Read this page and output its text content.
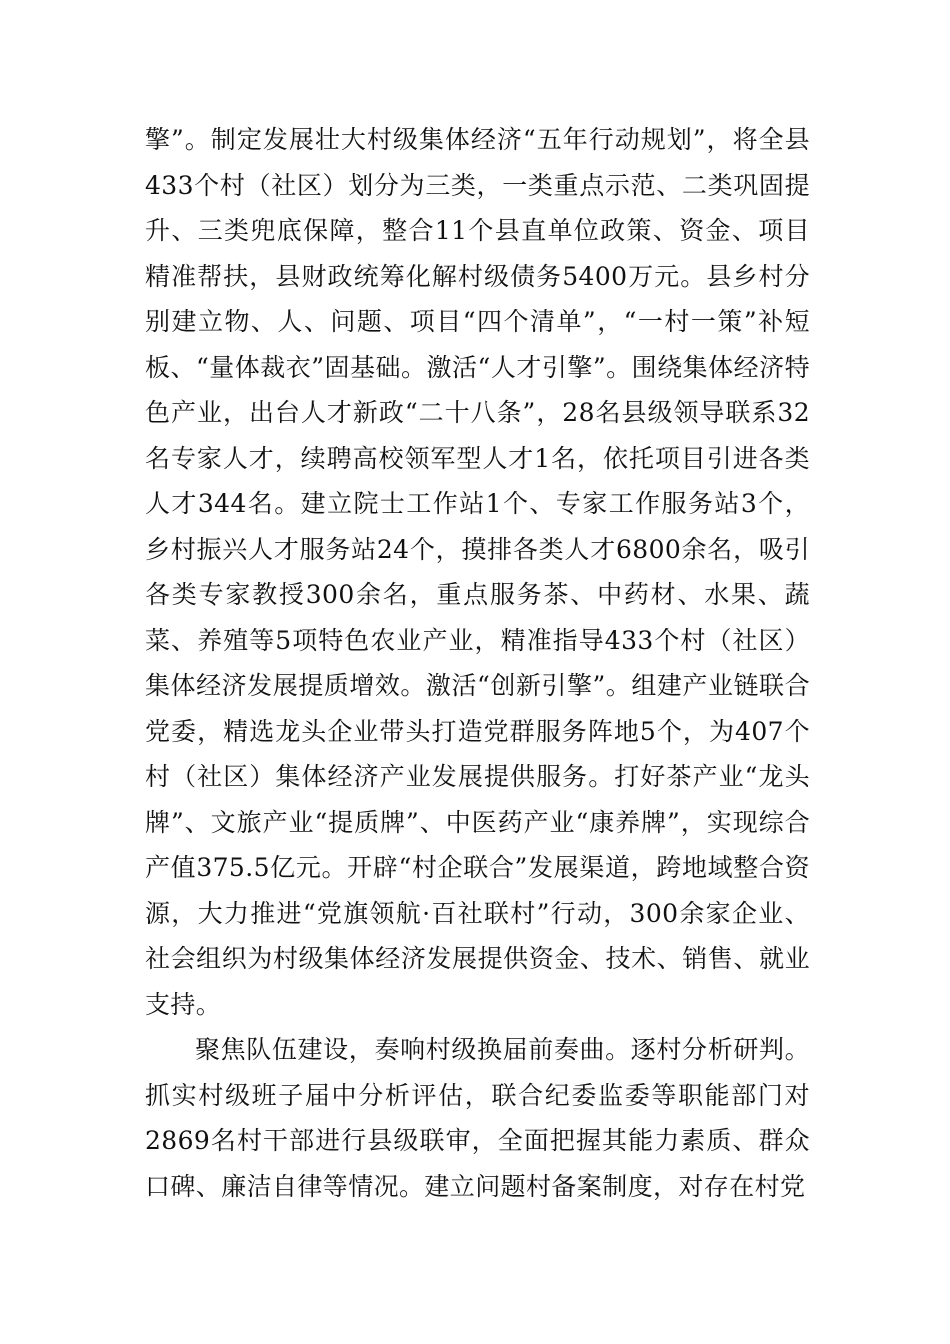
擎”。制定发展壮大村级集体经济“五年行动规划”，将全县433个村（社区）划分为三类，一类重点示范、二类巩固提升、三类兜底保障，整合11个县直单位政策、资金、项目精准帮扶，县财政统筹化解村级债务5400万元。县乡村分别建立物、人、问题、项目“四个清单”，“一村一策”补短板、“量体裁衣”固基础。激活“人才引擎”。围绕集体经济特色产业，出台人才新政“二十八条”，28名县级领导联系32名专家人才，续聘高校领军型人才1名，依托项目引进各类人才344名。建立院士工作站1个、专家工作服务站3个，乡村振兴人才服务站24个，摸排各类人才6800余名，吸引各类专家教授300余名，重点服务茶、中药材、水果、蔬菜、养殖等5项特色农业产业，精准指导433个村（社区）集体经济发展提质增效。激活“创新引擎”。组建产业链联合党委，精选龙头企业带头打造党群服务阵地5个，为407个村（社区）集体经济产业发展提供服务。打好茶产业“龙头牌”、文旅产业“提质牌”、中医药产业“康养牌”，实现综合产值375.5亿元。开辟“村企联合”发展渠道，跨地域整合资源，大力推进“党旗领航·百社联村”行动，300余家企业、社会组织为村级集体经济发展提供资金、技术、销售、就业支持。

聚焦队伍建设，奏响村级换届前奏曲。逐村分析研判。抓实村级班子届中分析评估，联合纪委监委等职能部门对2869名村干部进行县级联审，全面把握其能力素质、群众口碑、廉洁自律等情况。建立问题村备案制度，对存在村党
